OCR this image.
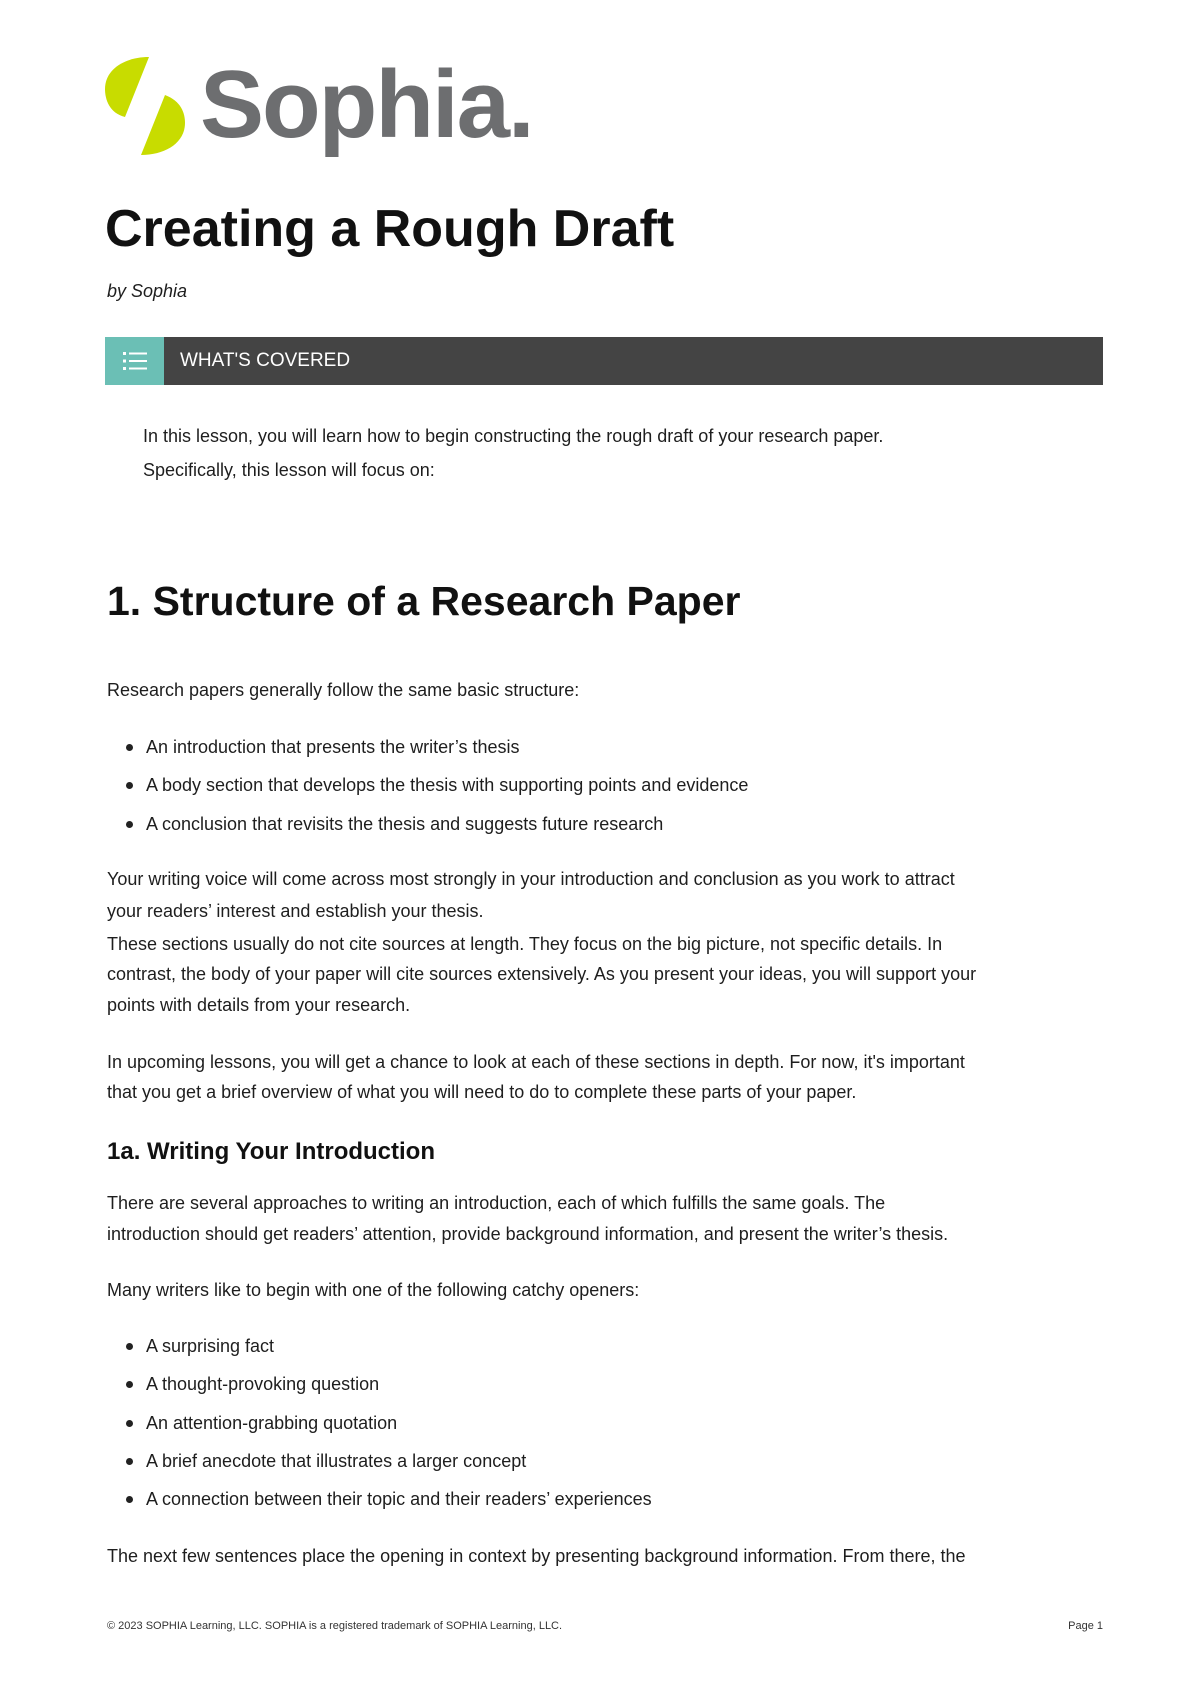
Sophia.
Creating a Rough Draft
by Sophia
WHAT'S COVERED
In this lesson, you will learn how to begin constructing the rough draft of your research paper.
Specifically, this lesson will focus on:
1. Structure of a Research Paper
Research papers generally follow the same basic structure:
An introduction that presents the writer’s thesis
A body section that develops the thesis with supporting points and evidence
A conclusion that revisits the thesis and suggests future research
Your writing voice will come across most strongly in your introduction and conclusion as you work to attract
your readers’ interest and establish your thesis.
These sections usually do not cite sources at length. They focus on the big picture, not specific details. In
contrast, the body of your paper will cite sources extensively. As you present your ideas, you will support your
points with details from your research.
In upcoming lessons, you will get a chance to look at each of these sections in depth. For now, it's important
that you get a brief overview of what you will need to do to complete these parts of your paper.
1a. Writing Your Introduction
There are several approaches to writing an introduction, each of which fulfills the same goals. The
introduction should get readers’ attention, provide background information, and present the writer’s thesis.
Many writers like to begin with one of the following catchy openers:
A surprising fact
A thought-provoking question
An attention-grabbing quotation
A brief anecdote that illustrates a larger concept
A connection between their topic and their readers’ experiences
The next few sentences place the opening in context by presenting background information. From there, the
© 2023 SOPHIA Learning, LLC. SOPHIA is a registered trademark of SOPHIA Learning, LLC.	Page 1
